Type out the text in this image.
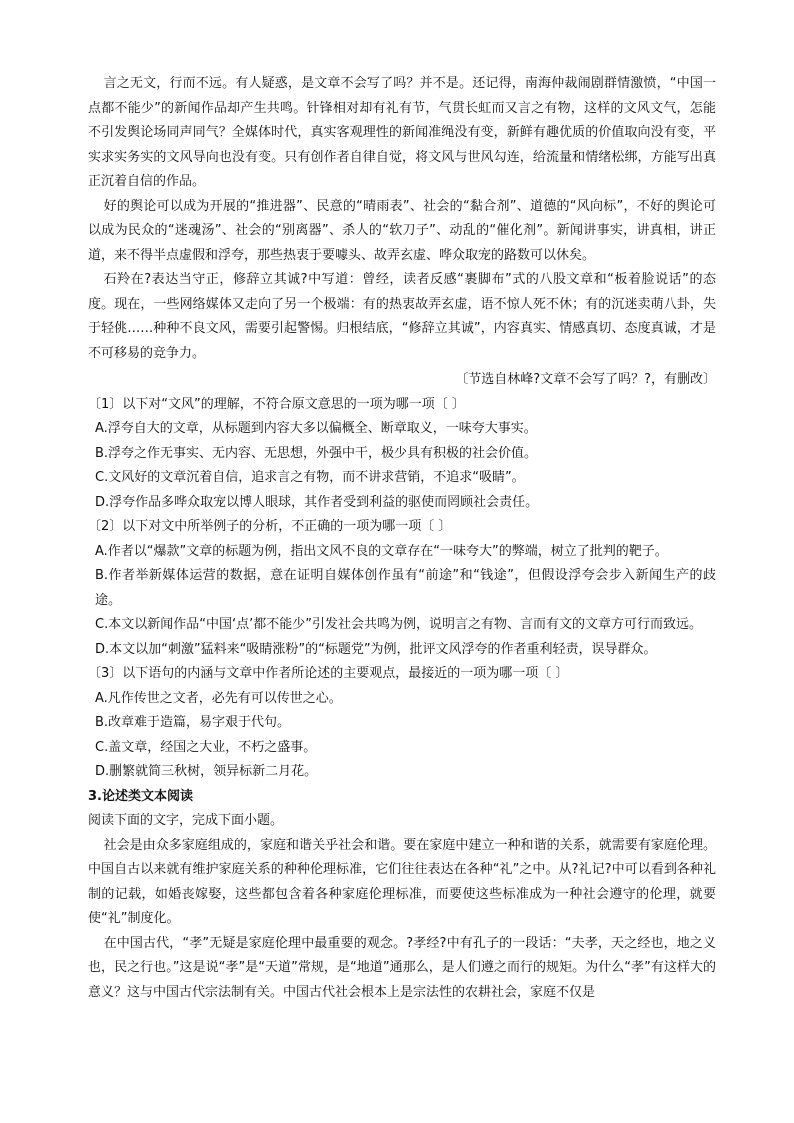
言之无文，行而不远。有人疑惑，是文章不会写了吗？并不是。还记得，南海仲裁闹剧群情激愤，“中国一点都不能少”的新闻作品却产生共鸣。针锋相对却有礼有节，气贯长虹而又言之有物，这样的文风文气，怎能不引发舆论场同声同气？全媒体时代，真实客观理性的新闻准绳没有变，新鲜有趣优质的价值取向没有变，平实求实务实的文风导向也没有变。只有创作者自律自觉，将文风与世风勾连，给流量和情绪松绑，方能写出真正沉着自信的作品。

好的舆论可以成为开展的“推进器”、民意的“晴雨表”、社会的“黏合剂”、道德的“风向标”，不好的舆论可以成为民众的“迷魂汤”、社会的“别离器”、杀人的“软刀子”、动乱的“催化剂”。新闻讲事实，讲真相，讲正道，来不得半点虚假和浮夸，那些热衷于要噱头、故弄玄虚、哗众取宠的路数可以休矣。

石羚在?表达当守正，修辞立其诚?中写道：曾经，读者反感“裹脚布”式的八股文章和“板着脸说话”的态度。现在，一些网络媒体又走向了另一个极端：有的热衷故弄玄虚，语不惊人死不休；有的沉迷卖萌八卦，失于轻佻……种种不良文风，需要引起警惕。归根结底，“修辞立其诚”，内容真实、情感真切、态度真诚，才是不可移易的竞争力。

〔节选自林峰?文章不会写了吗？?，有删改〕

〔1〕以下对“文风”的理解，不符合原文意思的一项为哪一项〔 〕

A.浮夸自大的文章，从标题到内容大多以偏概全、断章取义，一味夸大事实。

B.浮夸之作无事实、无内容、无思想，外强中干，极少具有积极的社会价值。

C.文风好的文章沉着自信，追求言之有物，而不讲求营销，不追求“吸睛”。

D.浮夸作品多哗众取宠以博人眼球，其作者受到利益的驱使而罔顾社会责任。

〔2〕以下对文中所举例子的分析，不正确的一项为哪一项〔 〕

A.作者以“爆款”文章的标题为例，指出文风不良的文章存在“一味夸大”的弊端，树立了批判的靶子。

B.作者举新媒体运营的数据，意在证明自媒体创作虽有“前途”和“钱途”，但假设浮夸会步入新闻生产的歧途。

C.本文以新闻作品“中国‘点’都不能少”引发社会共鸣为例，说明言之有物、言而有文的文章方可行而致远。

D.本文以加“刺激”猛料来“吸睛涨粉”的“标题党”为例，批评文风浮夸的作者重利轻责，误导群众。

〔3〕以下语句的内涵与文章中作者所论述的主要观点，最接近的一项为哪一项〔 〕

A.凡作传世之文者，必先有可以传世之心。

B.改章难于造篇，易字艰于代句。

C.盖文章，经国之大业，不朽之盛事。

D.删繁就简三秋树，领异标新二月花。

3.论述类文本阅读

阅读下面的文字，完成下面小题。

社会是由众多家庭组成的，家庭和谐关乎社会和谐。要在家庭中建立一种和谐的关系，就需要有家庭伦理。中国自古以来就有维护家庭关系的种种伦理标准，它们往往表达在各种“礼”之中。从?礼记?中可以看到各种礼制的记载，如婚丧嫁娶，这些都包含着各种家庭伦理标准，而要使这些标准成为一种社会遵守的伦理，就要使“礼”制度化。

在中国古代，“孝”无疑是家庭伦理中最重要的观念。?孝经?中有孔子的一段话：“夫孝，天之经也，地之义也，民之行也。”这是说“孝”是“天道”常规，是“地道”通那么，是人们遵之而行的规矩。为什么“孝”有这样大的意义？这与中国古代宗法制有关。中国古代社会根本上是宗法性的农耕社会，家庭不仅是
